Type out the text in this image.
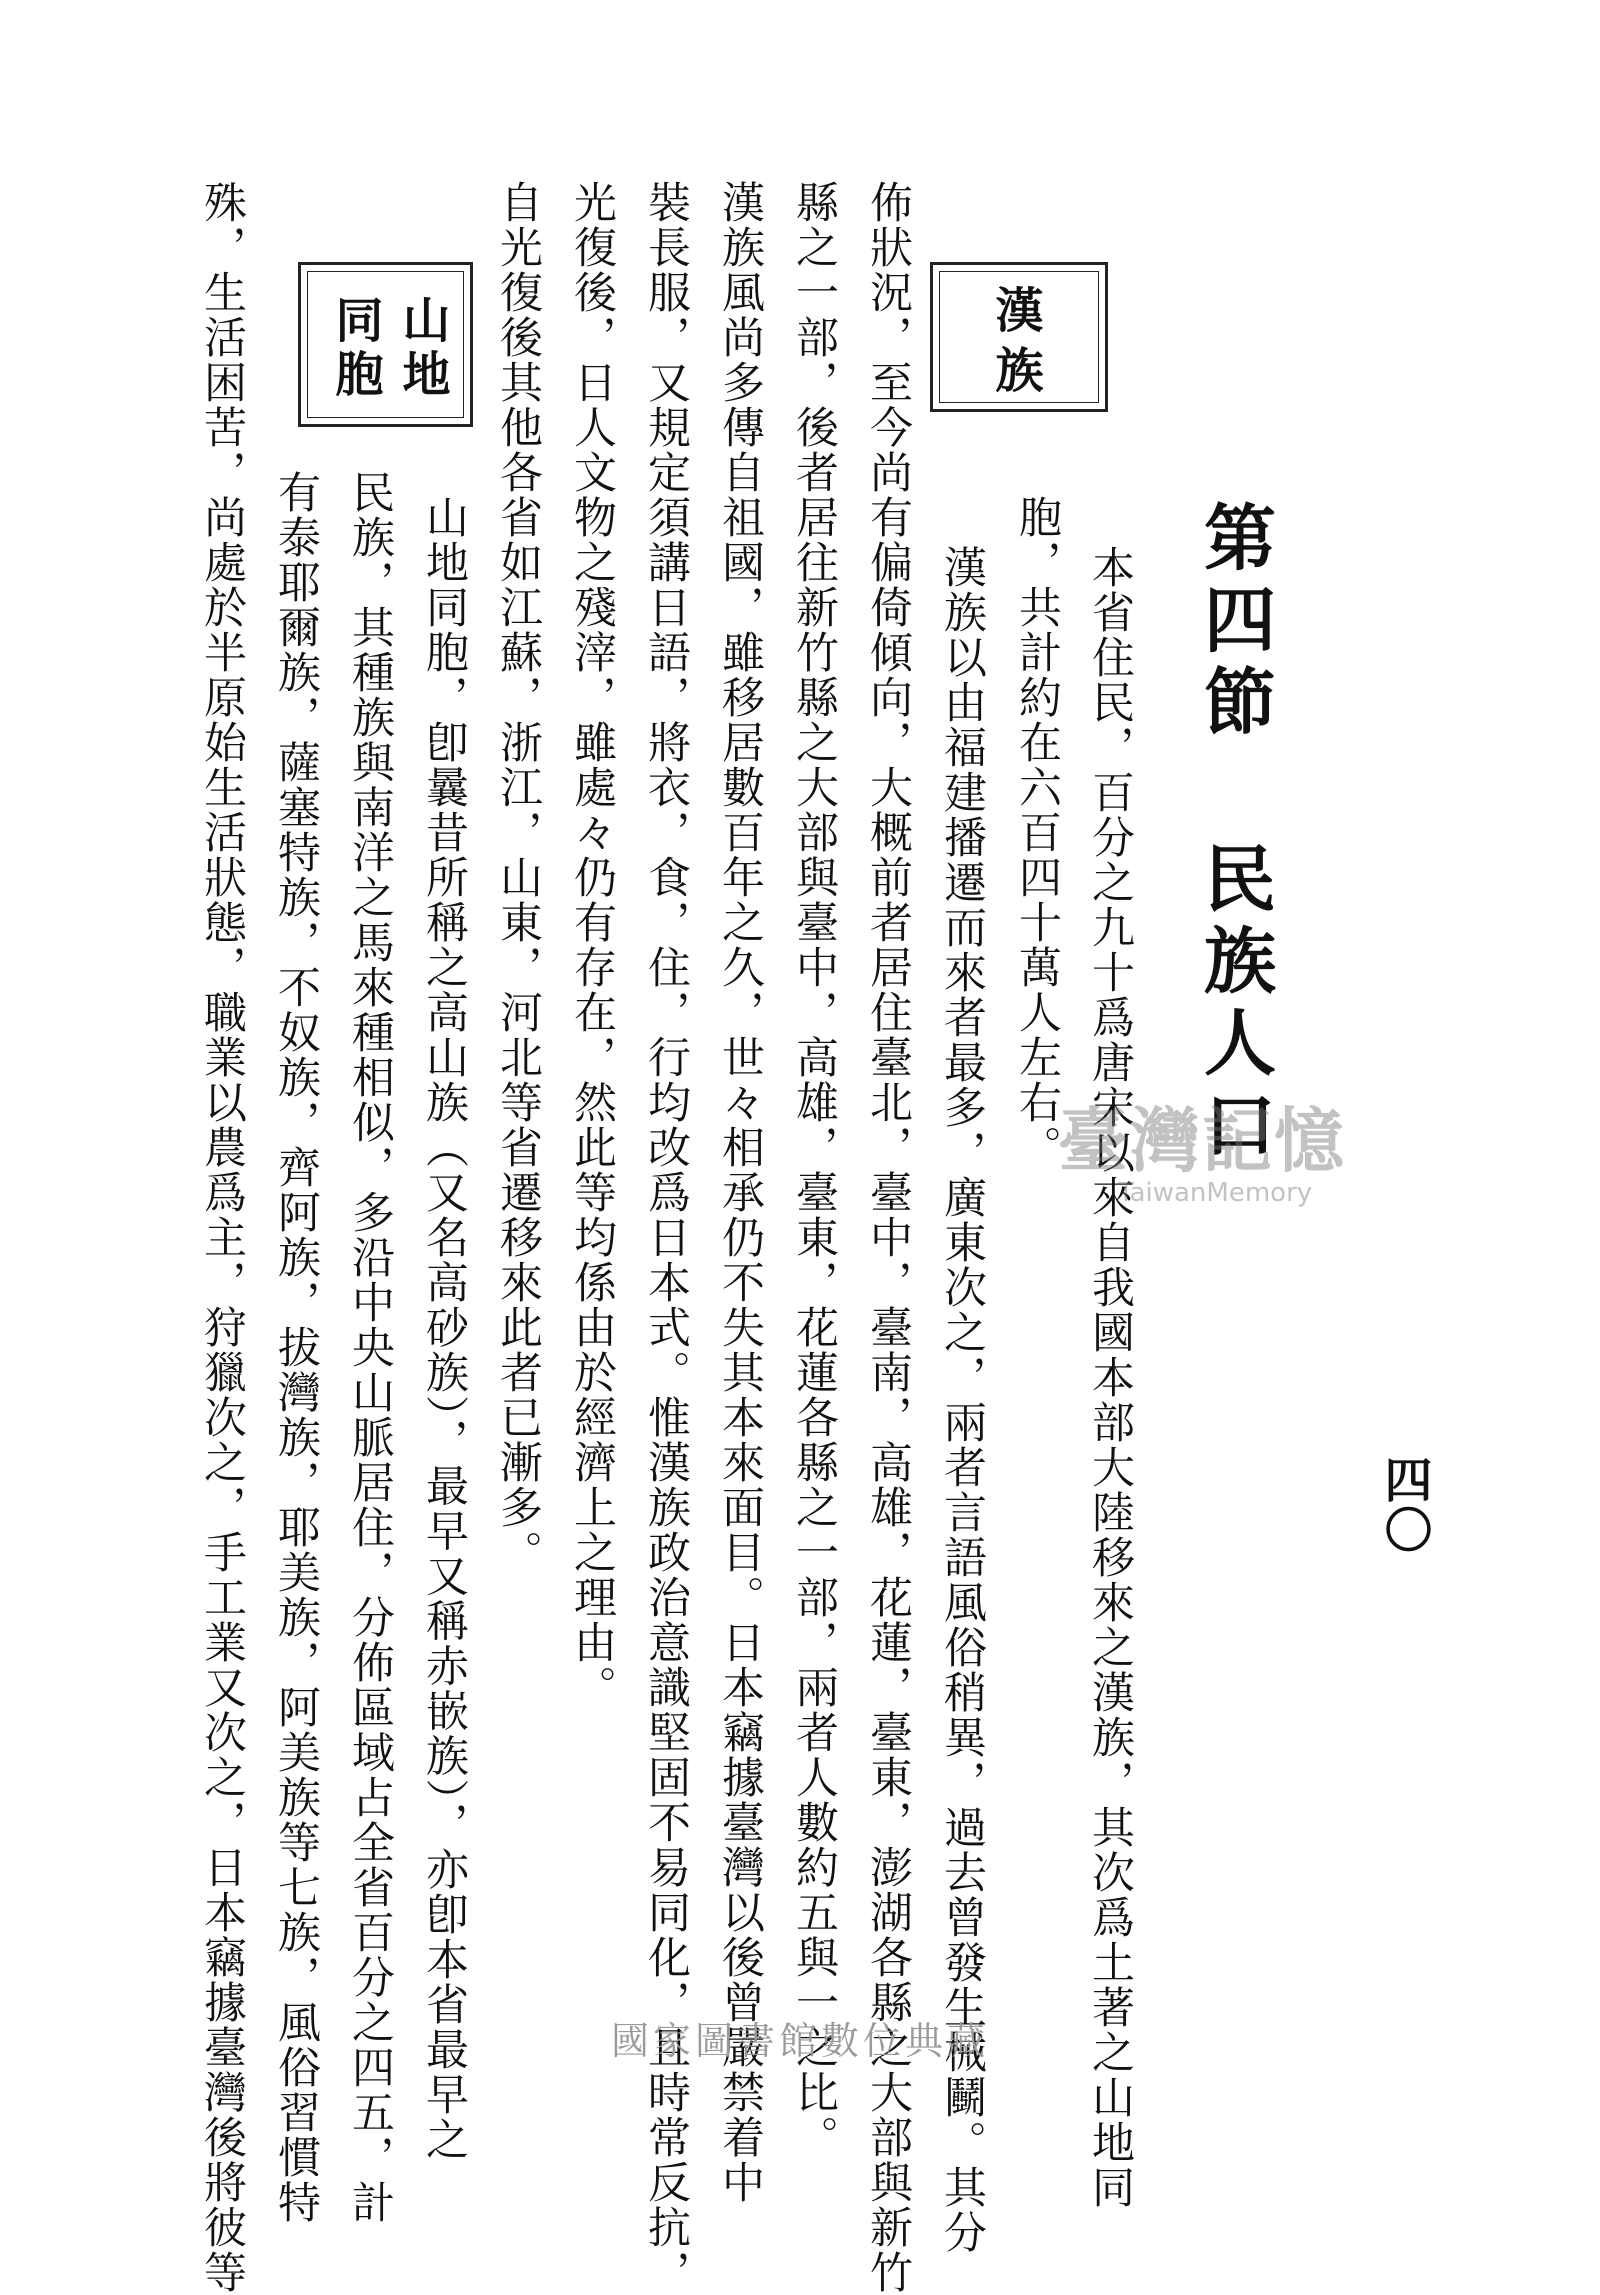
四〇
第四節 民族人口
本省住民，百分之九十爲唐宋以來自我國本部大陸移來之漢族，其次爲土著之山地同
胞，共計約在六百四十萬人左右。
漢族以由福建播遷而來者最多，廣東次之，兩者言語風俗稍異，過去曾發生械鬭。其分
佈狀況，至今尚有偏倚傾向，大概前者居住臺北，臺中，臺南，高雄，花蓮，臺東，澎湖各縣之大部與新竹
縣之一部，後者居往新竹縣之大部與臺中，高雄，臺東，花蓮各縣之一部，兩者人數約五與一之比。
漢族風尚多傳自祖國，雖移居數百年之久，世々相承仍不失其本來面目。日本竊據臺灣以後曾嚴禁着中
裝長服，又規定須講日語，將衣，食，住，行均改爲日本式。惟漢族政治意識堅固不易同化，且時常反抗，
光復後，日人文物之殘滓，雖處々仍有存在，然此等均係由於經濟上之理由。
自光復後其他各省如江蘇，浙江，山東，河北等省遷移來此者已漸多。
山地同胞，卽曩昔所稱之高山族（又名高砂族），最早又稱赤嵌族），亦卽本省最早之
民族，其種族與南洋之馬來種相似，多沿中央山脈居住，分佈區域占全省百分之四五，計
有泰耶爾族，薩塞特族，不奴族，齊阿族，拔灣族，耶美族，阿美族等七族，風俗習慣特
殊，生活困苦，尚處於半原始生活狀態，職業以農爲主，狩獵次之，手工業又次之，日本竊據臺灣後將彼等	漢族
山地
同胞
臺灣記憶
TaiwanMemory
國家圖書館數位典藏
